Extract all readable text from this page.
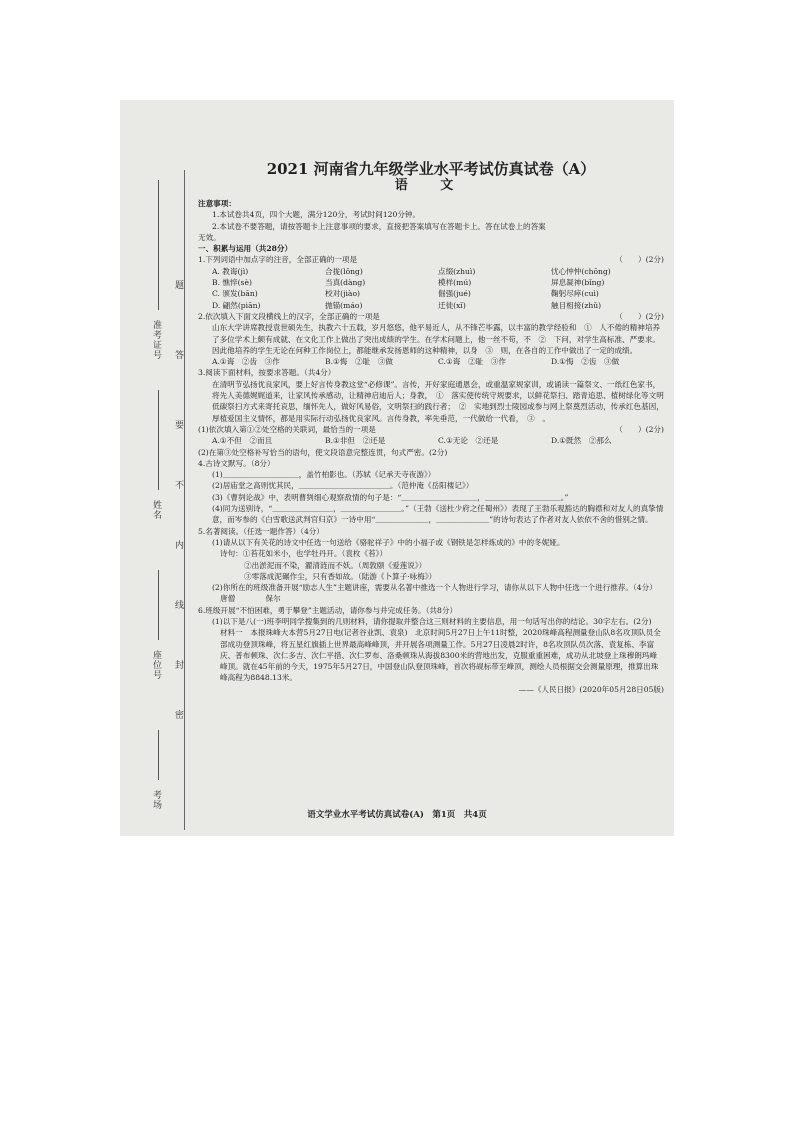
考场
座位号
姓名
准考证号
密
封
线
内
不
要
答
题
2021 河南省九年级学业水平考试仿真试卷（A）
语 文
注意事项：
1.本试卷共4页，四个大题，满分120分，考试时间120分钟。
2.本试卷不要答题，请按答题卡上注意事项的要求，直接把答案填写在答题卡上。答在试卷上的答案
无效。
一、积累与运用（共28分）
1.下列词语中加点字的注音，全部正确的一项是	（　　）(2分)
A. 教诲(jì)	合拢(lǒng)	点缀(zhuì)	忧心忡忡(chōng)
B. 憔悴(sè)	当真(dàng)	模样(mú)	屏息凝神(bǐng)
C. 颁发(bān)	校对(jiào)	倔强(jué)	鞠躬尽瘁(cuì)
D. 翩然(piān)	抛锚(máo)	迁徙(xǐ)	触目相接(zhǔ)
2.依次填入下面文段横线上的汉字，全部正确的一项是	（　　）(2分)
山东大学讲席教授袁世硕先生，执教六十五载，岁月悠悠，他平易近人，从不锋芒毕露，以丰富的教学经验和　①　人不倦的精神培养了多位学术上颇有成就、在文化工作上做出了突出成绩的学生。在学术问题上，他一丝不苟，不　②　下问，对学生高标准、严要求。因此他培养的学生无论在何种工作岗位上，都能继承发扬恩师的这种精神，以身　③　则，在各自的工作中做出了一定的成绩。
A.①诲　②齿　③作	B.①悔　②耻　③做	C.①诲　②耻　③作	D.①悔　②齿　③做
3.阅读下面材料，按要求答题。（共4分）
在清明节弘扬优良家风，要上好言传身教这堂“必修课”。言传，开好家庭通恩会，或重温家规家训，或诵读一篇祭文、一纸红色家书，将先人美德娓娓道来，让家风传承感动，让精神启迪后人；身教，　①　落实使传统守规要求，以鲜花祭扫、踏青追思、植树绿化等文明低碳祭扫方式来寄托哀思，缅怀先人，做好风易俗，文明祭扫的践行者；　②　实地到烈士陵园或参与网上祭奠烈活动，传承红色基因，厚植爱国主义情怀，都是用实际行动弘扬优良家风。言传身教，率先垂范，一代做给一代看，　③　。
(1)依次填入第①②处空格的关联词，最恰当的一项是	（　　）(2分)
A.①不但　②而且	B.①非但　②还是	C.①无论　②还是	D.①既然　②那么
(2)在第③处空格补写恰当的语句，使文段语意完整连贯，句式严密。(2分)
4.古诗文默写。（8分）
(1)＿＿＿＿＿＿＿＿＿＿，盖竹柏影也。（苏轼《记承天寺夜游》）
(2)居庙堂之高则忧其民，＿＿＿＿＿＿＿＿＿＿＿＿。（范仲淹《岳阳楼记》）
(3)《曹刿论战》中，表明曹刿细心观察敌情的句子是：“＿＿＿＿＿＿＿＿＿＿，＿＿＿＿＿＿＿＿＿＿。”
(4)同为送别诗，“＿＿＿＿＿＿＿＿，＿＿＿＿＿＿＿＿。”（王勃《送杜少府之任蜀州》）表现了王勃乐观豁达的胸襟和对友人的真挚情意，而岑参的《白雪歌送武判官归京》一诗中用“＿＿＿＿＿＿＿，＿＿＿＿＿＿＿”的诗句表达了作者对友人依依不舍的惜别之情。
5.名著阅读。（任选一题作答）（4分）
(1)请从以下有关花的诗文中任选一句送给《骆驼祥子》中的小福子或《钢铁是怎样炼成的》中的冬妮娅。
诗句：①苔花如米小，也学牡丹开。（袁枚《苔》）
②出淤泥而不染，濯清涟而不妖。（周敦颐《爱莲说》）
③零落成泥碾作尘，只有香如故。（陆游《卜算子·咏梅》）
(2)你所在的班级准备开展“励志人生”主题讲座，需要从名著中推选一个人物进行学习，请你从以下人物中任选一个进行推荐。（4分）
唐僧　　　　保尔
6.班级开展“不怕困难，勇于攀登”主题活动，请你参与并完成任务。（共8分）
(1)以下是八(一)班李明同学搜集到的几则材料，请你提取并整合这三则材料的主要信息，用一句话写出你的结论。30字左右。(2分)
材料一　本报珠峰大本营5月27日电(记者谷业凯、袁泉)　北京时间5月27日上午11时整，2020珠峰高程测量登山队8名攻顶队员全部成功登顶珠峰，将五星红旗插上世界最高峰峰顶，并开展各项测量工作。5月27日凌晨2时许，8名攻顶队员次落、袁复栋、李富庆、普布顿珠、次仁多吉、次仁平措、次仁罗布、洛桑顿珠从海拔8300米的营地出发，克服重重困难，成功从北坡登上珠穆朗玛峰峰顶。就在45年前的今天，1975年5月27日，中国登山队登顶珠峰，首次将觇标带至峰顶，测绘人员根据交会测量原理，推算出珠峰高程为8848.13米。
——《人民日报》(2020年05月28日05版)
语文学业水平考试仿真试卷(A)　第1页　共4页
